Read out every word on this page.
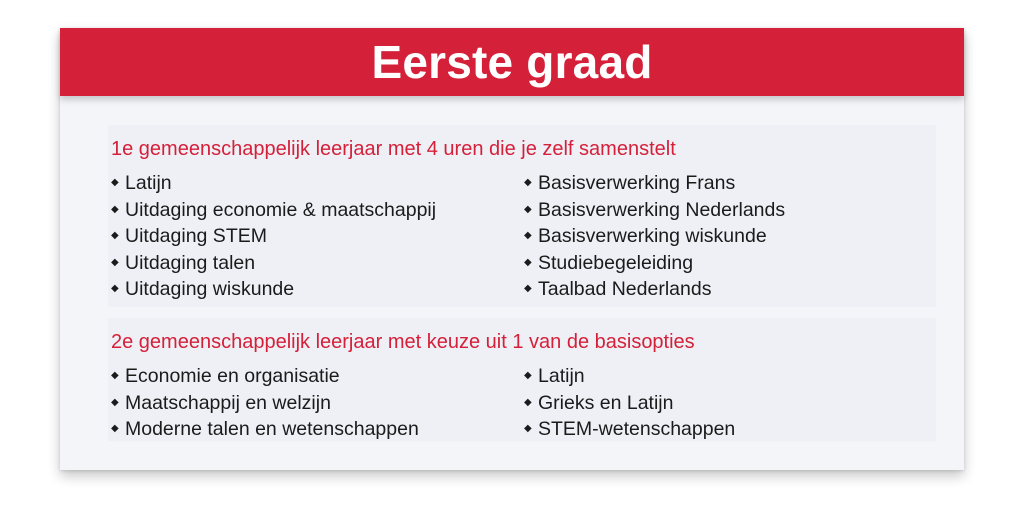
Eerste graad
1e gemeenschappelijk leerjaar met 4 uren die je zelf samenstelt
◆ Latijn
◆ Uitdaging economie & maatschappij
◆ Uitdaging STEM
◆ Uitdaging talen
◆ Uitdaging wiskunde
◆ Basisverwerking Frans
◆ Basisverwerking Nederlands
◆ Basisverwerking wiskunde
◆ Studiebegeleiding
◆ Taalbad Nederlands
2e gemeenschappelijk leerjaar met keuze uit 1 van de basisopties
◆ Economie en organisatie
◆ Maatschappij en welzijn
◆ Moderne talen en wetenschappen
◆ Latijn
◆ Grieks en Latijn
◆ STEM-wetenschappen
